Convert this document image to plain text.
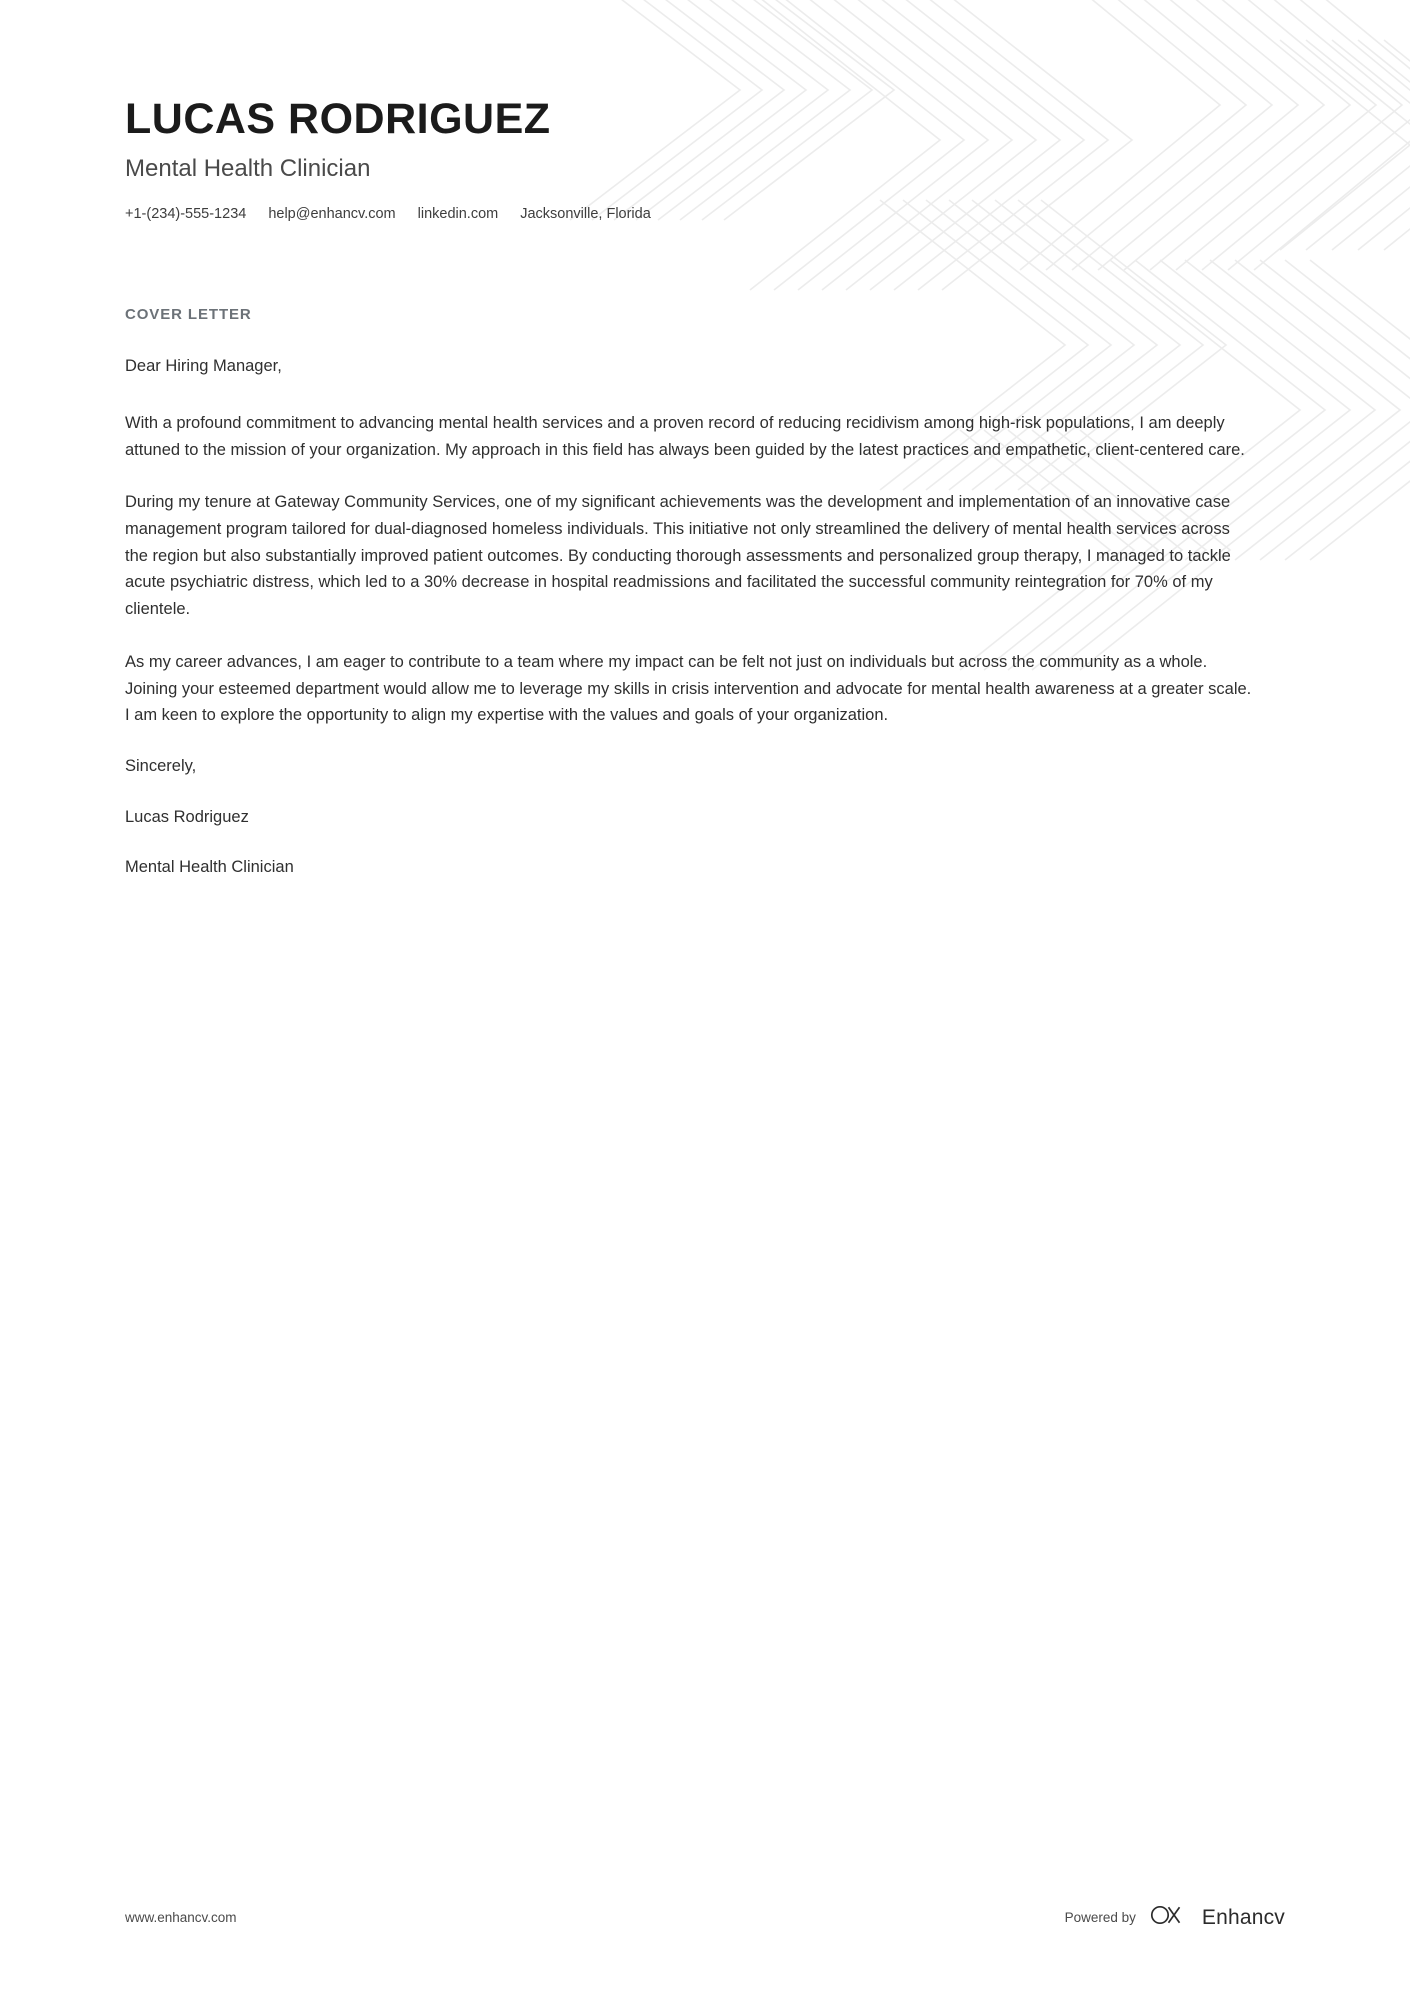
LUCAS RODRIGUEZ
Mental Health Clinician
+1-(234)-555-1234 help@enhancv.com linkedin.com Jacksonville, Florida
COVER LETTER

Dear Hiring Manager,

With a profound commitment to advancing mental health services and a proven record of reducing recidivism among high-risk populations, I am deeply attuned to the mission of your organization. My approach in this field has always been guided by the latest practices and empathetic, client-centered care.

During my tenure at Gateway Community Services, one of my significant achievements was the development and implementation of an innovative case management program tailored for dual-diagnosed homeless individuals. This initiative not only streamlined the delivery of mental health services across the region but also substantially improved patient outcomes. By conducting thorough assessments and personalized group therapy, I managed to tackle acute psychiatric distress, which led to a 30% decrease in hospital readmissions and facilitated the successful community reintegration for 70% of my clientele.

As my career advances, I am eager to contribute to a team where my impact can be felt not just on individuals but across the community as a whole. Joining your esteemed department would allow me to leverage my skills in crisis intervention and advocate for mental health awareness at a greater scale. I am keen to explore the opportunity to align my expertise with the values and goals of your organization.

Sincerely,

Lucas Rodriguez

Mental Health Clinician

www.enhancv.com	Powered by	Enhancv
